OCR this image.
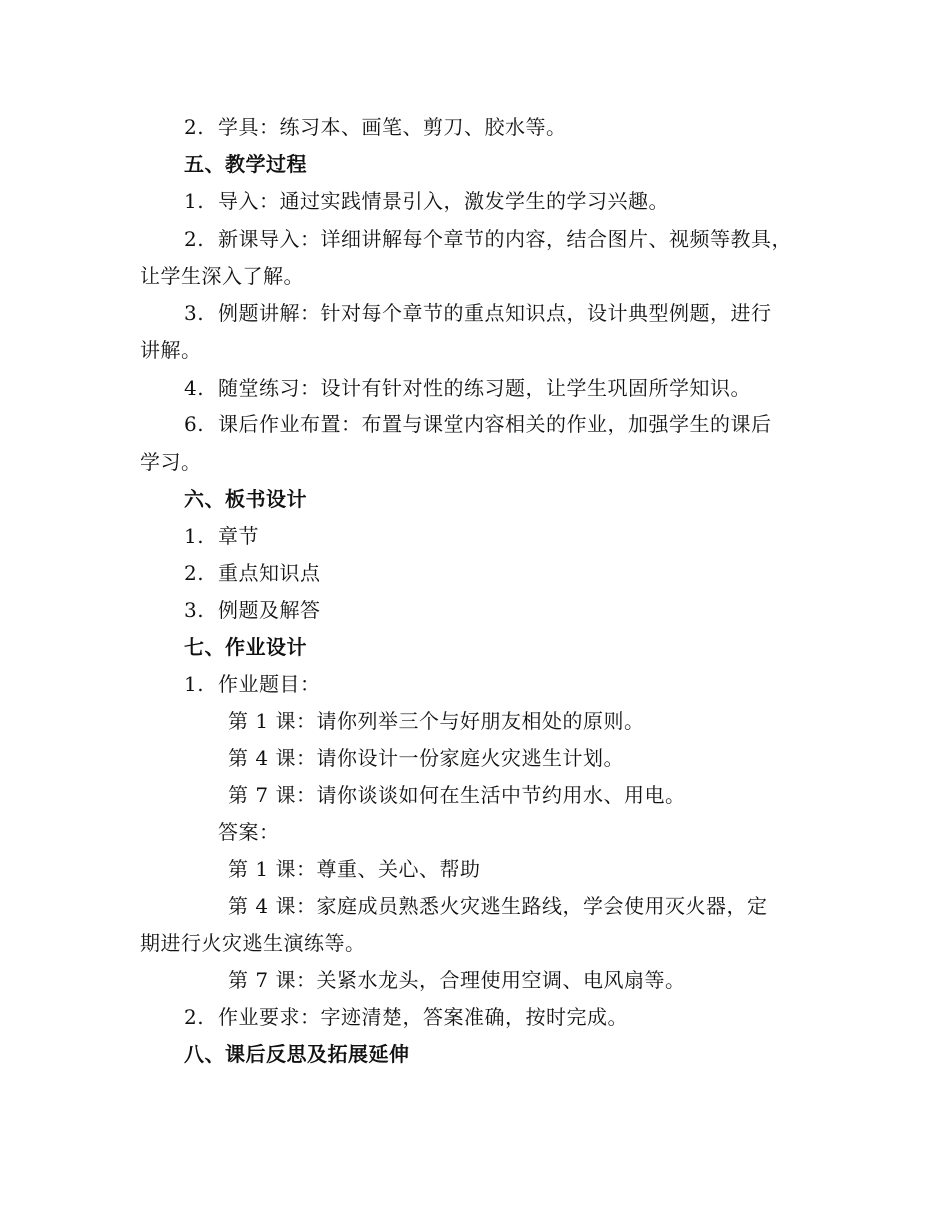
2. 学具：练习本、画笔、剪刀、胶水等。
五、教学过程
1. 导入：通过实践情景引入，激发学生的学习兴趣。
2. 新课导入：详细讲解每个章节的内容，结合图片、视频等教具，
让学生深入了解。
3. 例题讲解：针对每个章节的重点知识点，设计典型例题，进行
讲解。
4. 随堂练习：设计有针对性的练习题，让学生巩固所学知识。
6. 课后作业布置：布置与课堂内容相关的作业，加强学生的课后
学习。
六、板书设计
1. 章节
2. 重点知识点
3. 例题及解答
七、作业设计
1. 作业题目：
第 1 课：请你列举三个与好朋友相处的原则。
第 4 课：请你设计一份家庭火灾逃生计划。
第 7 课：请你谈谈如何在生活中节约用水、用电。
答案：
第 1 课：尊重、关心、帮助
第 4 课：家庭成员熟悉火灾逃生路线，学会使用灭火器，定
期进行火灾逃生演练等。
第 7 课：关紧水龙头，合理使用空调、电风扇等。
2. 作业要求：字迹清楚，答案准确，按时完成。
八、课后反思及拓展延伸
